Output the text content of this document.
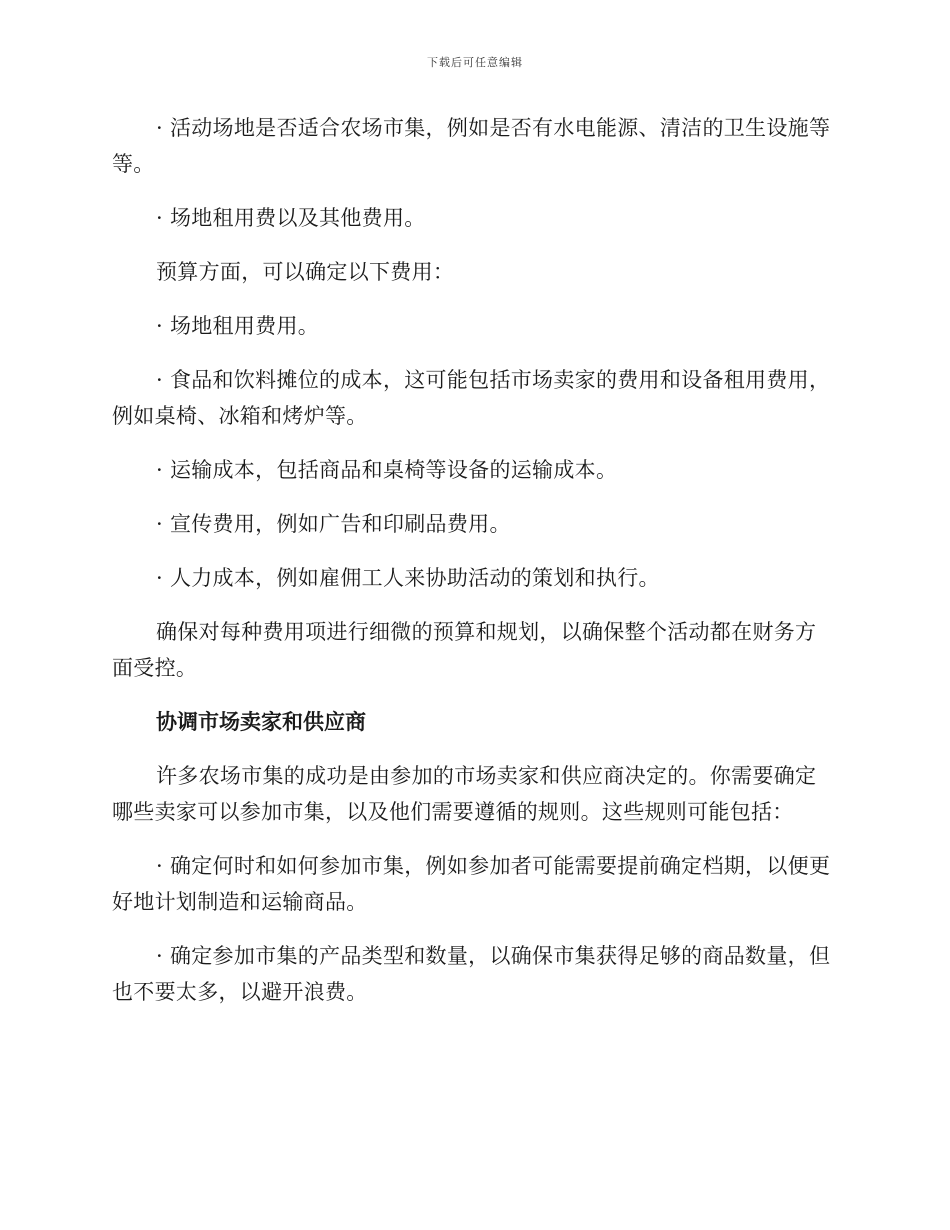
下载后可任意编辑

· 活动场地是否适合农场市集，例如是否有水电能源、清洁的卫生设施等等。

· 场地租用费以及其他费用。

预算方面，可以确定以下费用：

· 场地租用费用。

· 食品和饮料摊位的成本，这可能包括市场卖家的费用和设备租用费用，例如桌椅、冰箱和烤炉等。

· 运输成本，包括商品和桌椅等设备的运输成本。

· 宣传费用，例如广告和印刷品费用。

· 人力成本，例如雇佣工人来协助活动的策划和执行。

确保对每种费用项进行细微的预算和规划，以确保整个活动都在财务方面受控。

协调市场卖家和供应商

许多农场市集的成功是由参加的市场卖家和供应商决定的。你需要确定哪些卖家可以参加市集，以及他们需要遵循的规则。这些规则可能包括：

· 确定何时和如何参加市集，例如参加者可能需要提前确定档期，以便更好地计划制造和运输商品。

· 确定参加市集的产品类型和数量，以确保市集获得足够的商品数量，但也不要太多，以避开浪费。
